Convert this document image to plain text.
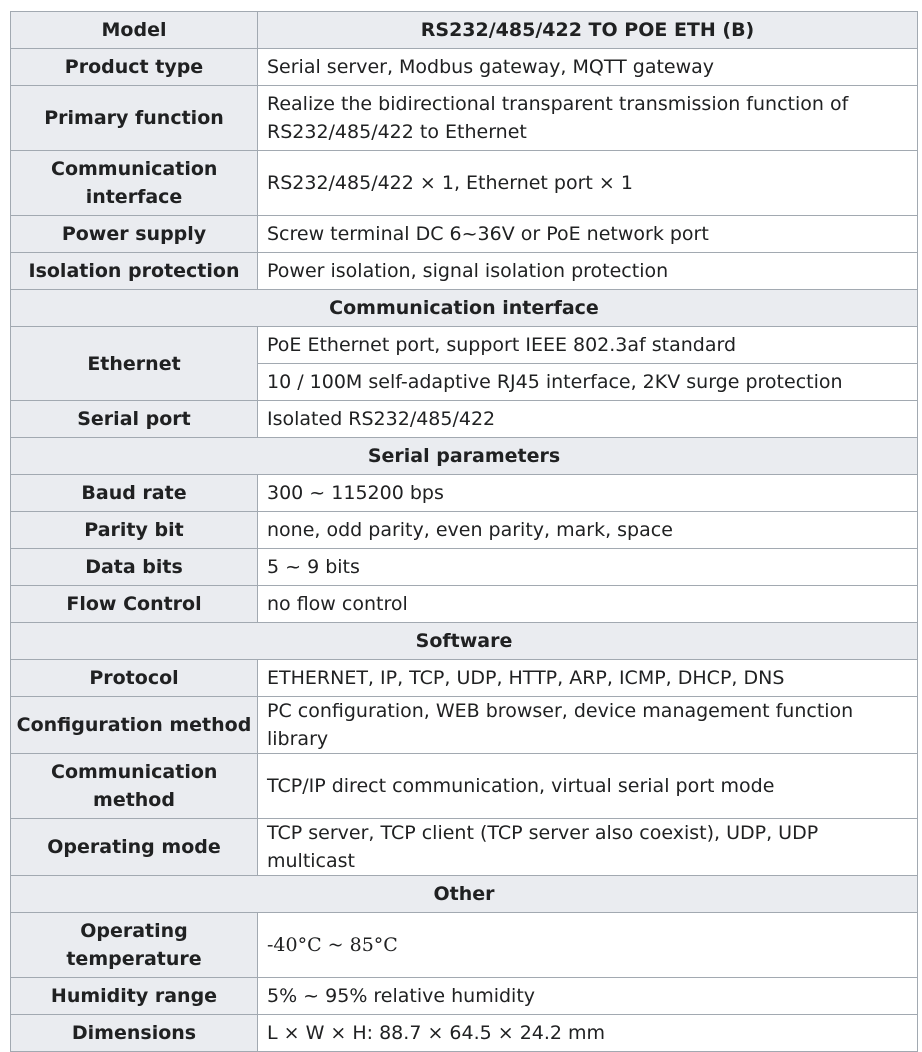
Model	RS232/485/422 TO POE ETH (B)
Product type	Serial server, Modbus gateway, MQTT gateway
Primary function	Realize the bidirectional transparent transmission function of RS232/485/422 to Ethernet
Communication interface	RS232/485/422 × 1, Ethernet port × 1
Power supply	Screw terminal DC 6~36V or PoE network port
Isolation protection	Power isolation, signal isolation protection
Communication interface	
Ethernet	PoE Ethernet port, support IEEE 802.3af standard
	10 / 100M self-adaptive RJ45 interface, 2KV surge protection
Serial port	Isolated RS232/485/422
Serial parameters	
Baud rate	300 ~ 115200 bps
Parity bit	none, odd parity, even parity, mark, space
Data bits	5 ~ 9 bits
Flow Control	no flow control
Software	
Protocol	ETHERNET, IP, TCP, UDP, HTTP, ARP, ICMP, DHCP, DNS
Configuration method	PC configuration, WEB browser, device management function library
Communication method	TCP/IP direct communication, virtual serial port mode
Operating mode	TCP server, TCP client (TCP server also coexist), UDP, UDP multicast
Other	
Operating temperature	-40°C ~ 85°C
Humidity range	5% ~ 95% relative humidity
Dimensions	L × W × H: 88.7 × 64.5 × 24.2 mm
